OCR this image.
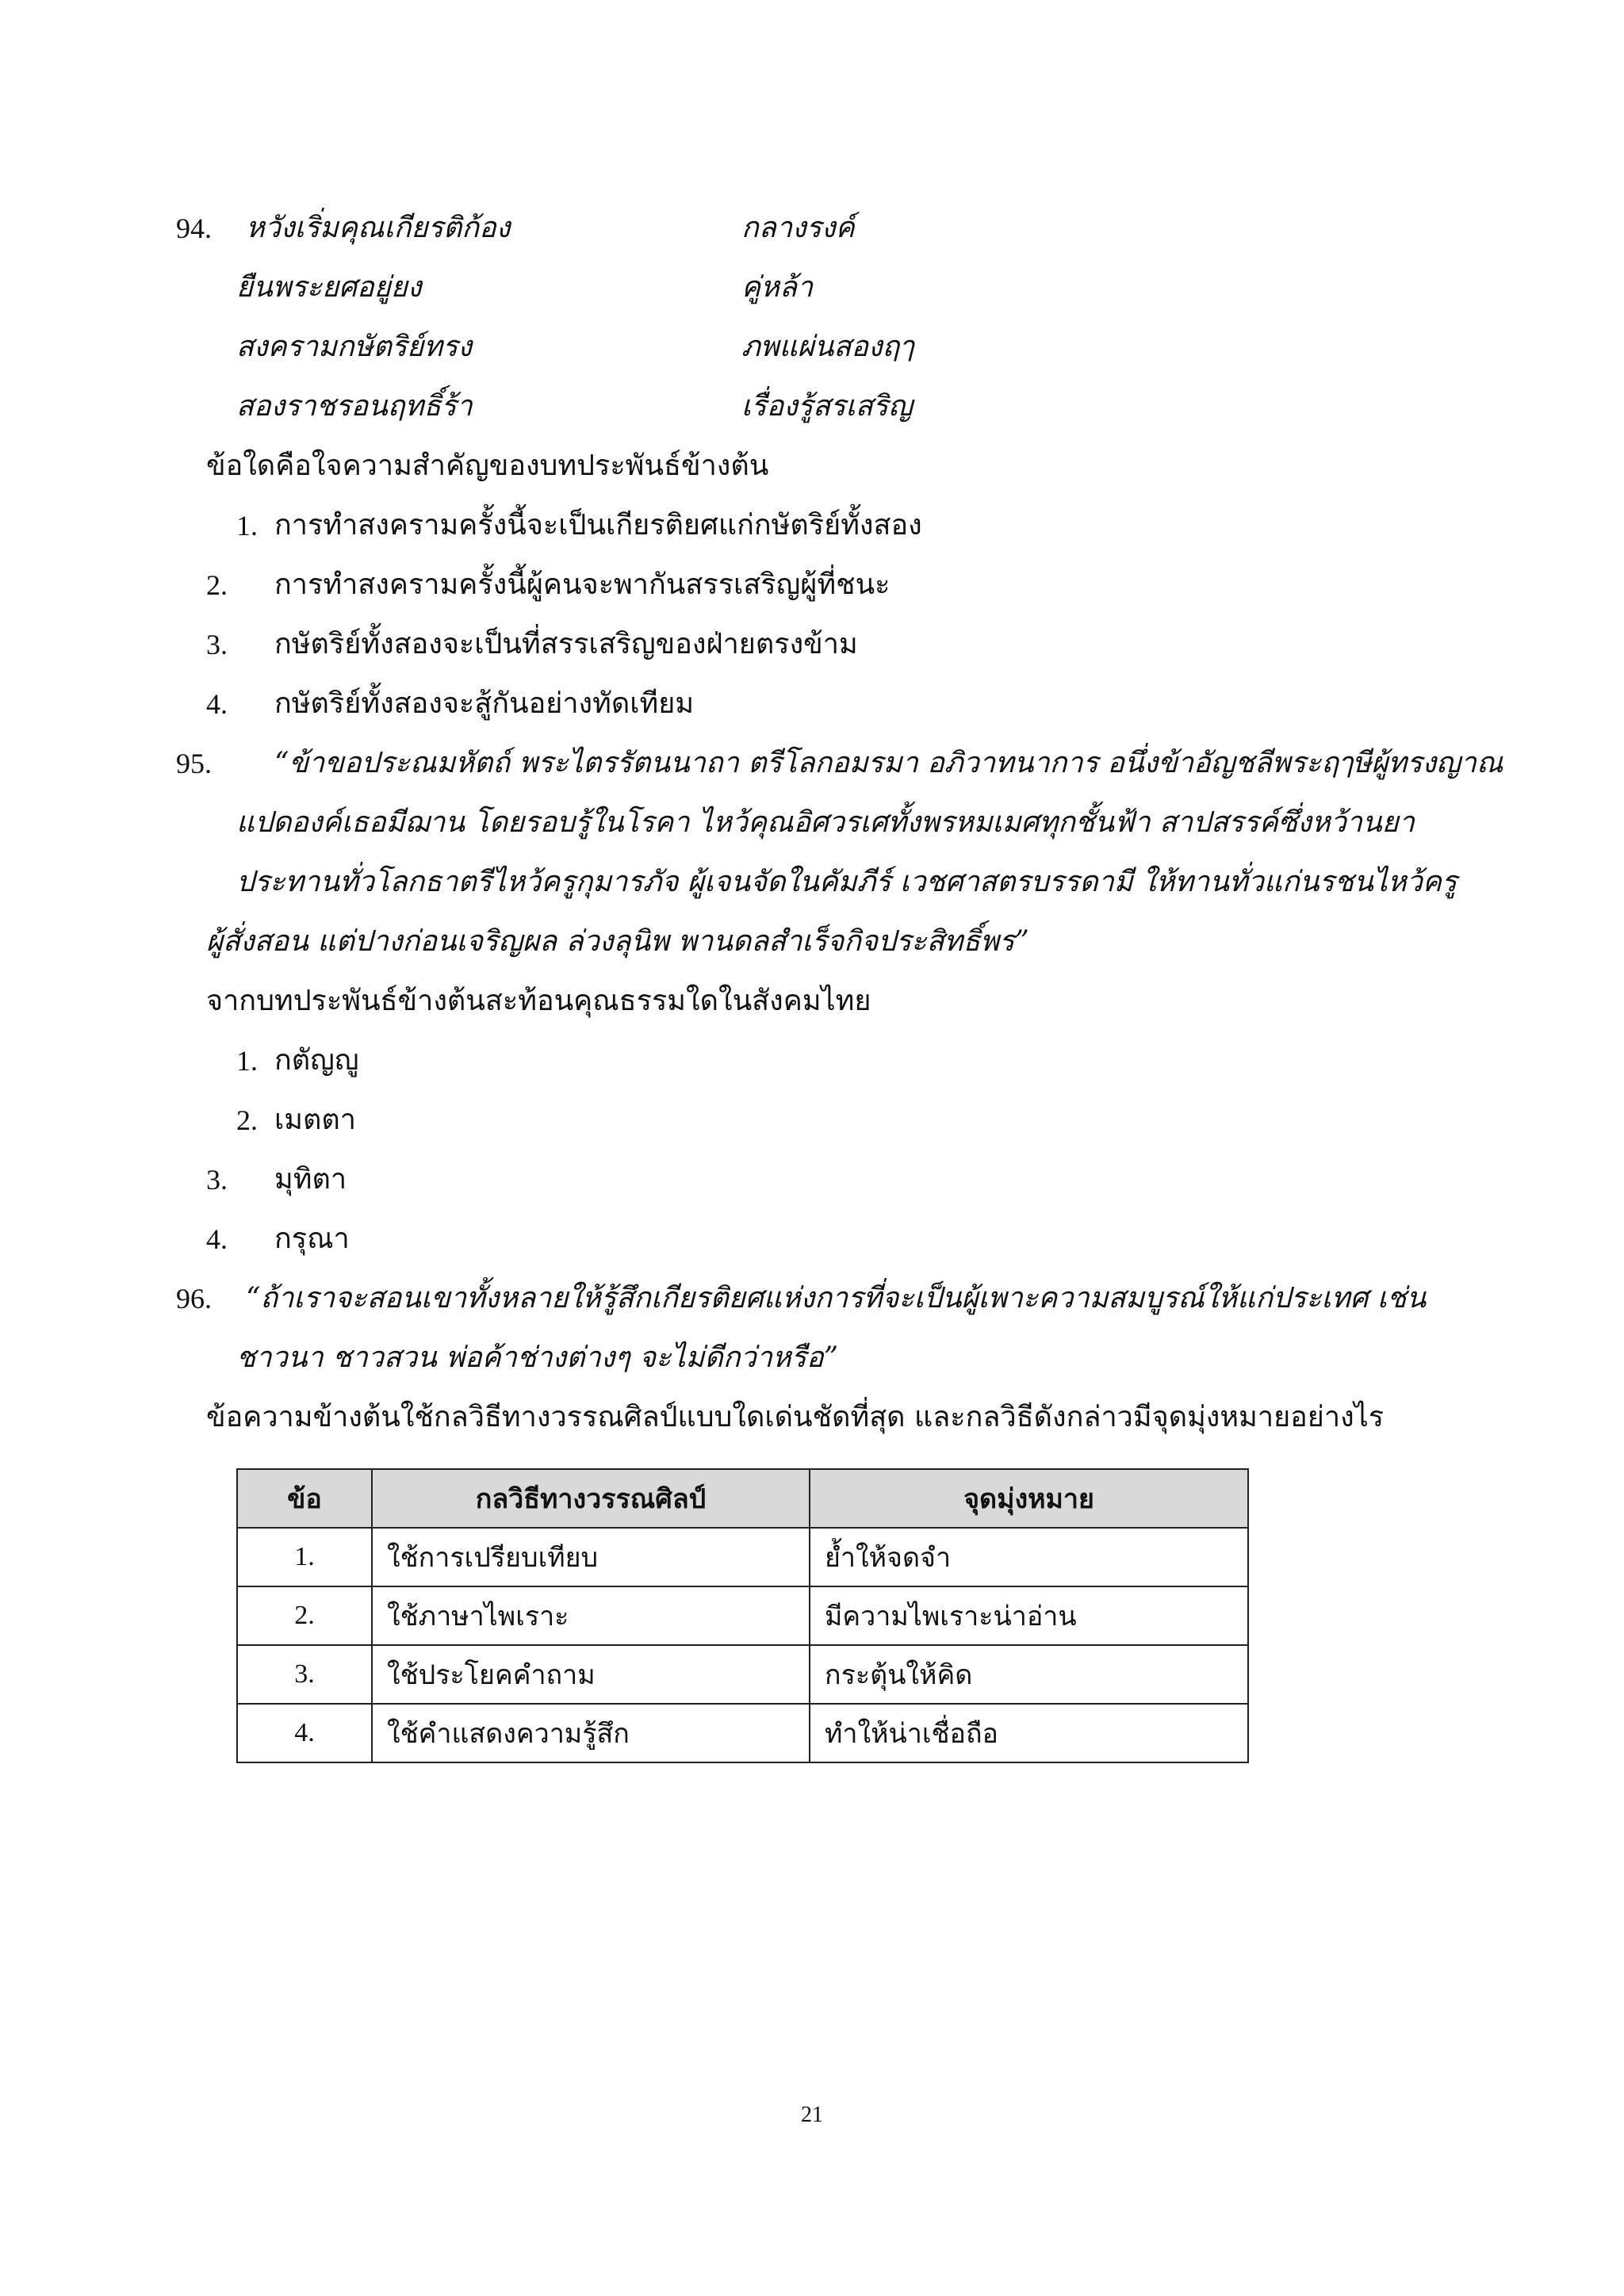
94. หวังเริ่มคุณเกียรติก้อง	กลางรงค์
ยืนพระยศอยู่ยง	คู่หล้า
สงครามกษัตริย์ทรง	ภพแผ่นสองฤๅ
สองราชรอนฤทธิ์ร้า	เรื่องรู้สรเสริญ
ข้อใดคือใจความสำคัญของบทประพันธ์ข้างต้น
1. การทำสงครามครั้งนี้จะเป็นเกียรติยศแก่กษัตริย์ทั้งสอง
2. การทำสงครามครั้งนี้ผู้คนจะพากันสรรเสริญผู้ที่ชนะ
3. กษัตริย์ทั้งสองจะเป็นที่สรรเสริญของฝ่ายตรงข้าม
4. กษัตริย์ทั้งสองจะสู้กันอย่างทัดเทียม
95. “ข้าขอประณมหัตถ์ พระไตรรัตนนาถา ตรีโลกอมรมา อภิวาทนาการ อนึ่งข้าอัญชลีพระฤๅษีผู้ทรงญาณ
แปดองค์เธอมีฌาน โดยรอบรู้ในโรคา ไหว้คุณอิศวรเศทั้งพรหมเมศทุกชั้นฟ้า สาปสรรค์ซึ่งหว้านยา
ประทานทั่วโลกธาตรีไหว้ครูกุมารภัจ ผู้เจนจัดในคัมภีร์ เวชศาสตรบรรดามี ให้ทานทั่วแก่นรชนไหว้ครู
ผู้สั่งสอน แต่ปางก่อนเจริญผล ล่วงลุนิพ พานดลสำเร็จกิจประสิทธิ์พร”
จากบทประพันธ์ข้างต้นสะท้อนคุณธรรมใดในสังคมไทย
1. กตัญญู
2. เมตตา
3. มุทิตา
4. กรุณา
96. “ถ้าเราจะสอนเขาทั้งหลายให้รู้สึกเกียรติยศแห่งการที่จะเป็นผู้เพาะความสมบูรณ์ให้แก่ประเทศ เช่น
ชาวนา ชาวสวน พ่อค้าช่างต่างๆ จะไม่ดีกว่าหรือ”
ข้อความข้างต้นใช้กลวิธีทางวรรณศิลป์แบบใดเด่นชัดที่สุด และกลวิธีดังกล่าวมีจุดมุ่งหมายอย่างไร
ข้อ	กลวิธีทางวรรณศิลป์	จุดมุ่งหมาย
1.	ใช้การเปรียบเทียบ	ย้ำให้จดจำ
2.	ใช้ภาษาไพเราะ	มีความไพเราะน่าอ่าน
3.	ใช้ประโยคคำถาม	กระตุ้นให้คิด
4.	ใช้คำแสดงความรู้สึก	ทำให้น่าเชื่อถือ
21
